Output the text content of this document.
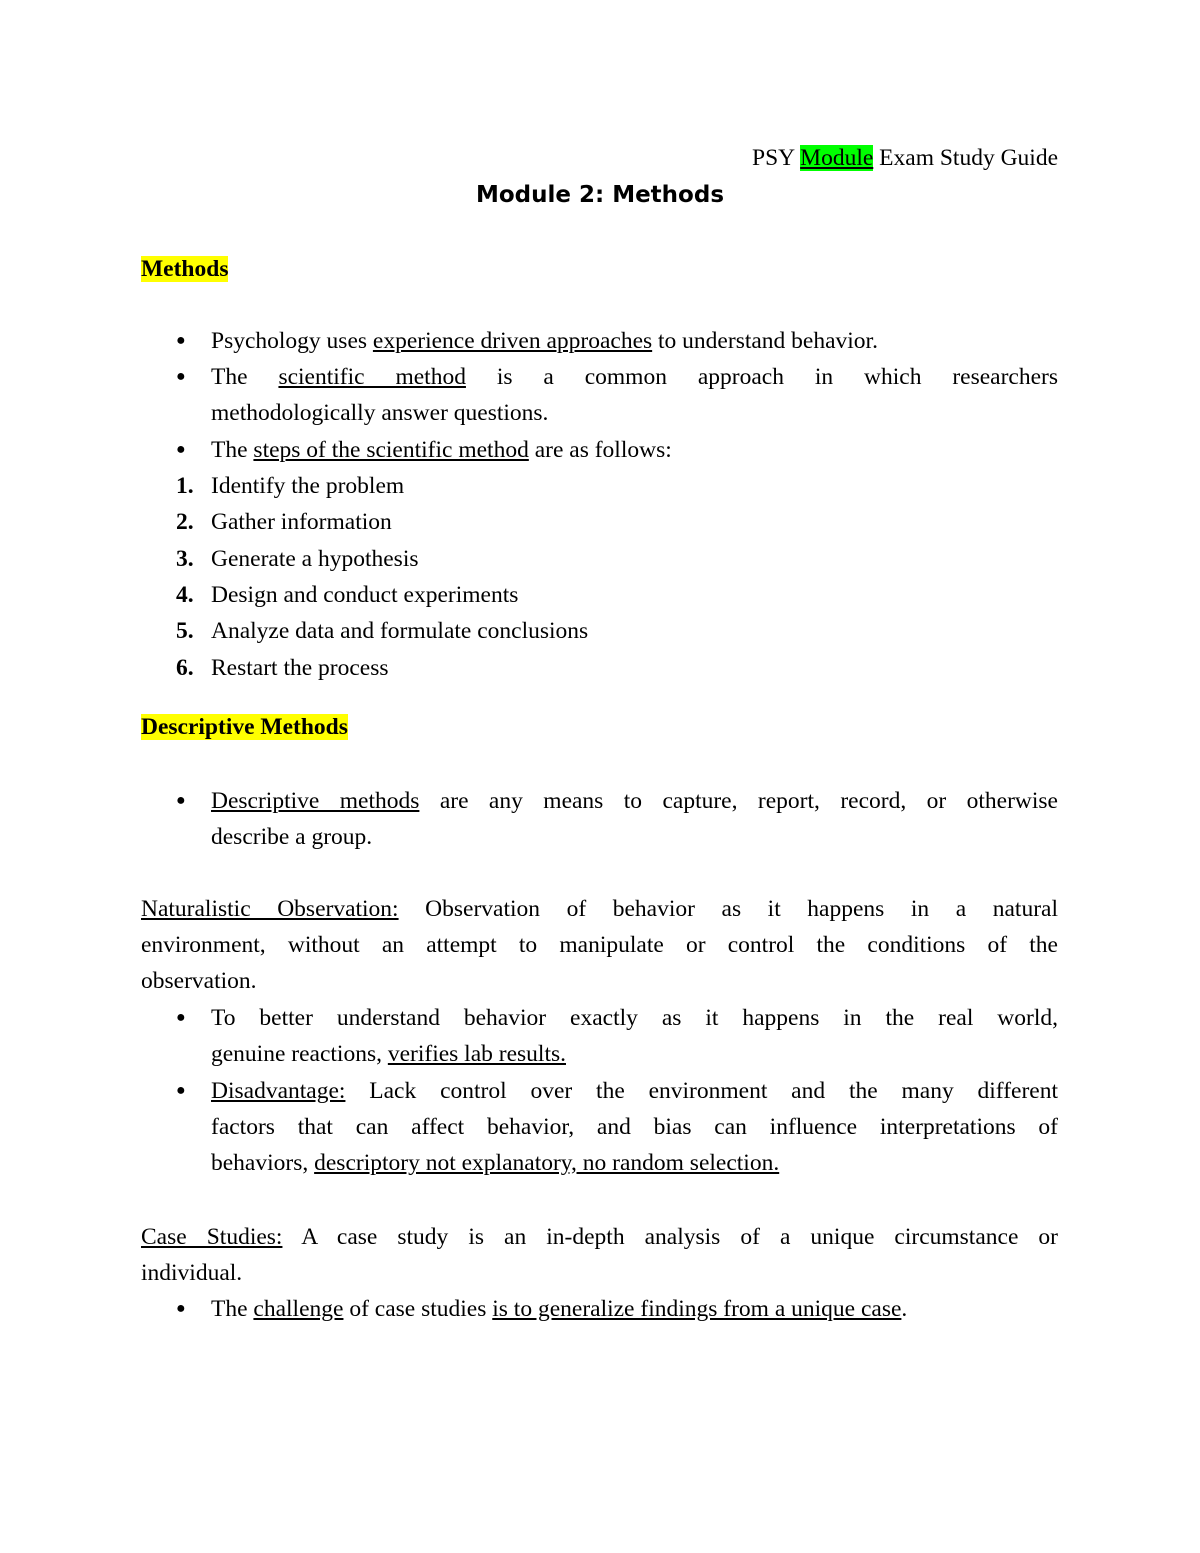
PSY Module Exam Study Guide
Module 2: Methods
Methods
● Psychology uses experience driven approaches to understand behavior.
● The scientific method is a common approach in which researchers
methodologically answer questions.
● The steps of the scientific method are as follows:
1. Identify the problem
2. Gather information
3. Generate a hypothesis
4. Design and conduct experiments
5. Analyze data and formulate conclusions
6. Restart the process
Descriptive Methods
● Descriptive methods are any means to capture, report, record, or otherwise
describe a group.
Naturalistic Observation: Observation of behavior as it happens in a natural
environment, without an attempt to manipulate or control the conditions of the
observation.
● To better understand behavior exactly as it happens in the real world,
genuine reactions, verifies lab results.
● Disadvantage: Lack control over the environment and the many different
factors that can affect behavior, and bias can influence interpretations of
behaviors, descriptory not explanatory, no random selection.
Case Studies: A case study is an in-depth analysis of a unique circumstance or
individual.
● The challenge of case studies is to generalize findings from a unique case.
